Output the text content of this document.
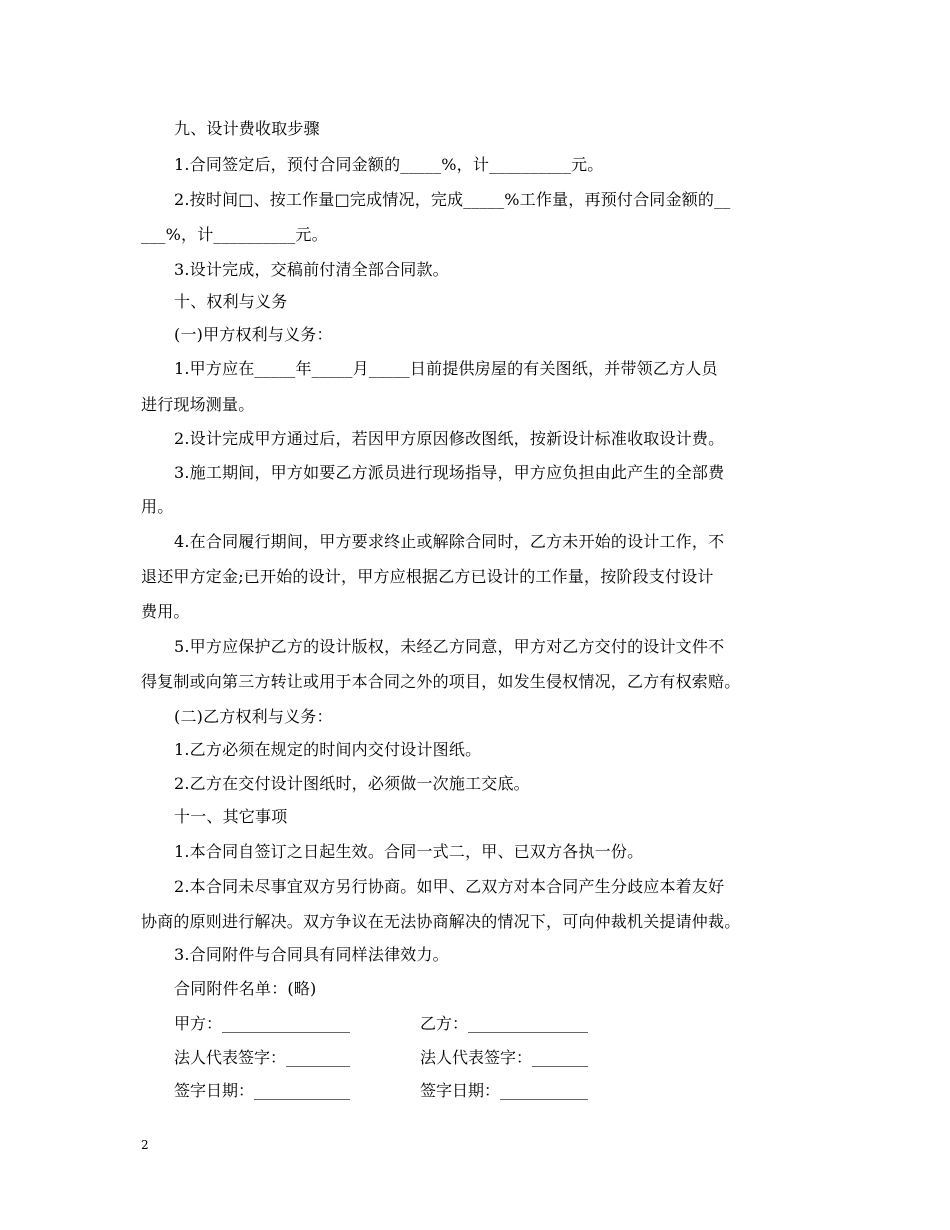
九、设计费收取步骤
1.合同签定后，预付合同金额的_____%，计__________元。
2.按时间□、按工作量□完成情况，完成_____%工作量，再预付合同金额的__
___%，计__________元。
3.设计完成，交稿前付清全部合同款。
十、权利与义务
(一)甲方权利与义务：
1.甲方应在_____年_____月_____日前提供房屋的有关图纸，并带领乙方人员
进行现场测量。
2.设计完成甲方通过后，若因甲方原因修改图纸，按新设计标准收取设计费。
3.施工期间，甲方如要乙方派员进行现场指导，甲方应负担由此产生的全部费
用。
4.在合同履行期间，甲方要求终止或解除合同时，乙方未开始的设计工作，不
退还甲方定金;已开始的设计，甲方应根据乙方已设计的工作量，按阶段支付设计
费用。
5.甲方应保护乙方的设计版权，未经乙方同意，甲方对乙方交付的设计文件不
得复制或向第三方转让或用于本合同之外的项目，如发生侵权情况，乙方有权索赔。
(二)乙方权利与义务：
1.乙方必须在规定的时间内交付设计图纸。
2.乙方在交付设计图纸时，必须做一次施工交底。
十一、其它事项
1.本合同自签订之日起生效。合同一式二，甲、已双方各执一份。
2.本合同未尽事宜双方另行协商。如甲、乙双方对本合同产生分歧应本着友好
协商的原则进行解决。双方争议在无法协商解决的情况下，可向仲裁机关提请仲裁。
3.合同附件与合同具有同样法律效力。
合同附件名单：(略)
甲方：________________	乙方：_______________
法人代表签字：________	法人代表签字：_______
签字日期：____________	签字日期：___________
2
